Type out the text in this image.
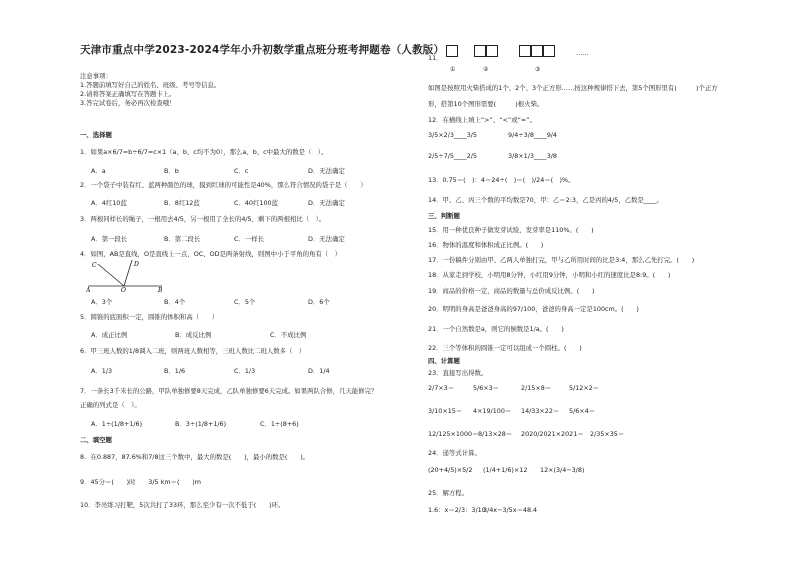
天津市重点中学2023-2024学年小升初数学重点班分班考押题卷（人教版）
注意事项：
1.答题前填写好自己的姓名、班级、考号等信息。
2.请将答案正确填写在答题卡上。
3.答完试卷后，务必再次检查哦！
一、选择题
1．如果a×6/7=b÷6/7=c×1（a、b、c均不为0），那么a、b、c中最大的数是（　）。
A．a	B．b	C．c	D．无法确定
2．一个袋子中装有红、蓝两种颜色的球，摸到红球的可能性是40%，那么符合情况的袋子是（　　）
A．4红10蓝	B．8红12蓝	C．40红100蓝	D．无法确定
3．两根同样长的绳子，一根用去4/5，另一根用了全长的4/5，剩下的两根相比（　）。
A．第一段长	B．第二段长	C．一样长	D．无法确定
4．如图，AB是直线，O是直线上一点，OC、OD是两条射线，则图中小于平角的角有（　）
C	D
A	O	B
A．3个	B．4个	C．5个	D．6个
5．圆锥的底面积一定，圆锥的体积和高（　　）
A．成正比例	B．成反比例	C．不成比例
6．甲三班人数的1/8调入二班，则两班人数相等，三班人数比二班人数多（　）
A．1/3	B．1/6	C．1/3	D．1/4
7．一条长3千米长的公路，甲队单独修要8天完成，乙队单独修要6天完成。如果两队合修，几天能修完？
正确的列式是（　）。
A．1÷(1/8+1/6)	B．3÷(1/8+1/6)	C．1÷(8+6)
二、填空题
8．在0.887，87.6%和7/8这三个数中，最大的数是(　　)，最小的数是(　　)。
9．45分＝(　　)时　　3/5 km＝(　　)m
10．李亮练习打靶，5次共打了33环，那么至少有一次不低于(　　)环。
11．
……
①	②	③
如图是按照用火柴搭成的1个、2个、3个正方形……按这种规律搭下去，第5个图形里有(　　　)个正方
形，搭第10个图形需要(　　　)根火柴。
12．在横线上填上“>”、“<”或“=”。
3/5×2/3____3/5	9/4÷3/8____9/4
2/5÷7/5____2/5	3/8×1/3____3/8
13．0.75＝(　)：4＝24÷(　)＝(　)/24＝(　)%。
14．甲、乙、丙三个数的平均数是70，甲：乙＝2:3，乙是丙的4/5，乙数是____。
三、判断题
15．用一种优良种子做发芽试验，发芽率是110%。(　　)
16．物体的温度和体积成正比例。(　　)
17．一份稿件分别由甲、乙两人单独打完，甲与乙所用时间的比是3:4，那么乙先打完。(　　)
18．从家走到学校，小明用8分钟，小红用9分钟，小明和小红的速度比是8:9。(　　)
19．商品的价格一定，商品的数量与总价成反比例。(　　)
20．明明的身高是爸爸身高的97/100，爸爸的身高一定是100cm。(　　)
21．一个自然数是a，则它的倒数是1/a。(　　)
22．三个等体积的圆锥一定可以组成一个圆柱。(　　)
四、计算题
23．直接写出得数。
2/7×3＝	5/6×3＝	2/15×8＝	5/12×2＝
3/10×15＝ 4×19/100＝ 14/33×22＝ 5/6×4＝
12/125×1000＝ 8/13×28＝ 2020/2021×2021＝ 2/35×35＝
24．递等式计算。
(20+4/5)×5/2 (1/4+1/6)×12 12×(3/4−3/8)
25．解方程。
1.6：x＝2/3：3/10
3/4x−3/5x＝48.4
